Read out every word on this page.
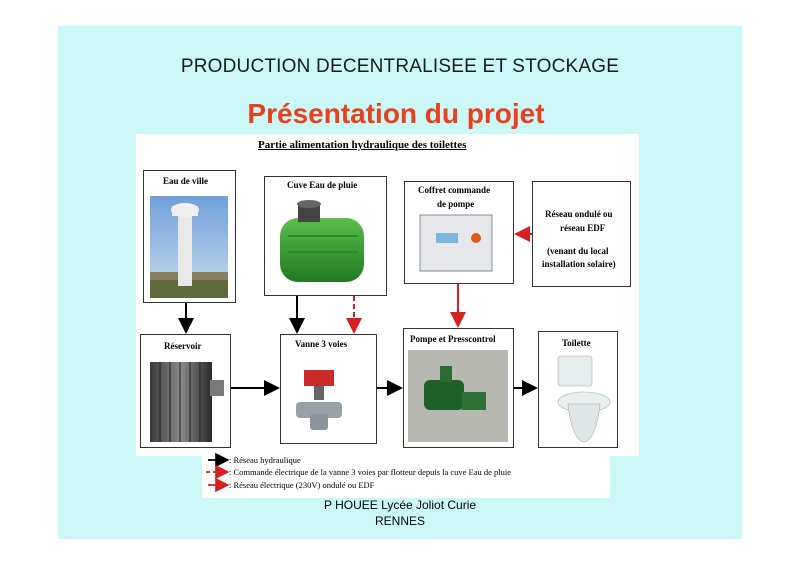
PRODUCTION DECENTRALISEE ET STOCKAGE
Présentation du projet
Partie alimentation hydraulique des toilettes
Eau de ville	Cuve Eau de pluie	Coffret commande
de pompe
Réseau ondulé ou
réseau EDF
(venant du local
installation solaire)
Réservoir	Vanne 3 voies	Pompe et Presscontrol	Toilette
: Réseau hydraulique
: Commande électrique de la vanne 3 voies par flotteur depuis la cuve Eau de pluie
: Réseau électrique (230V) ondulé ou EDF
P HOUEE Lycée Joliot Curie
RENNES
